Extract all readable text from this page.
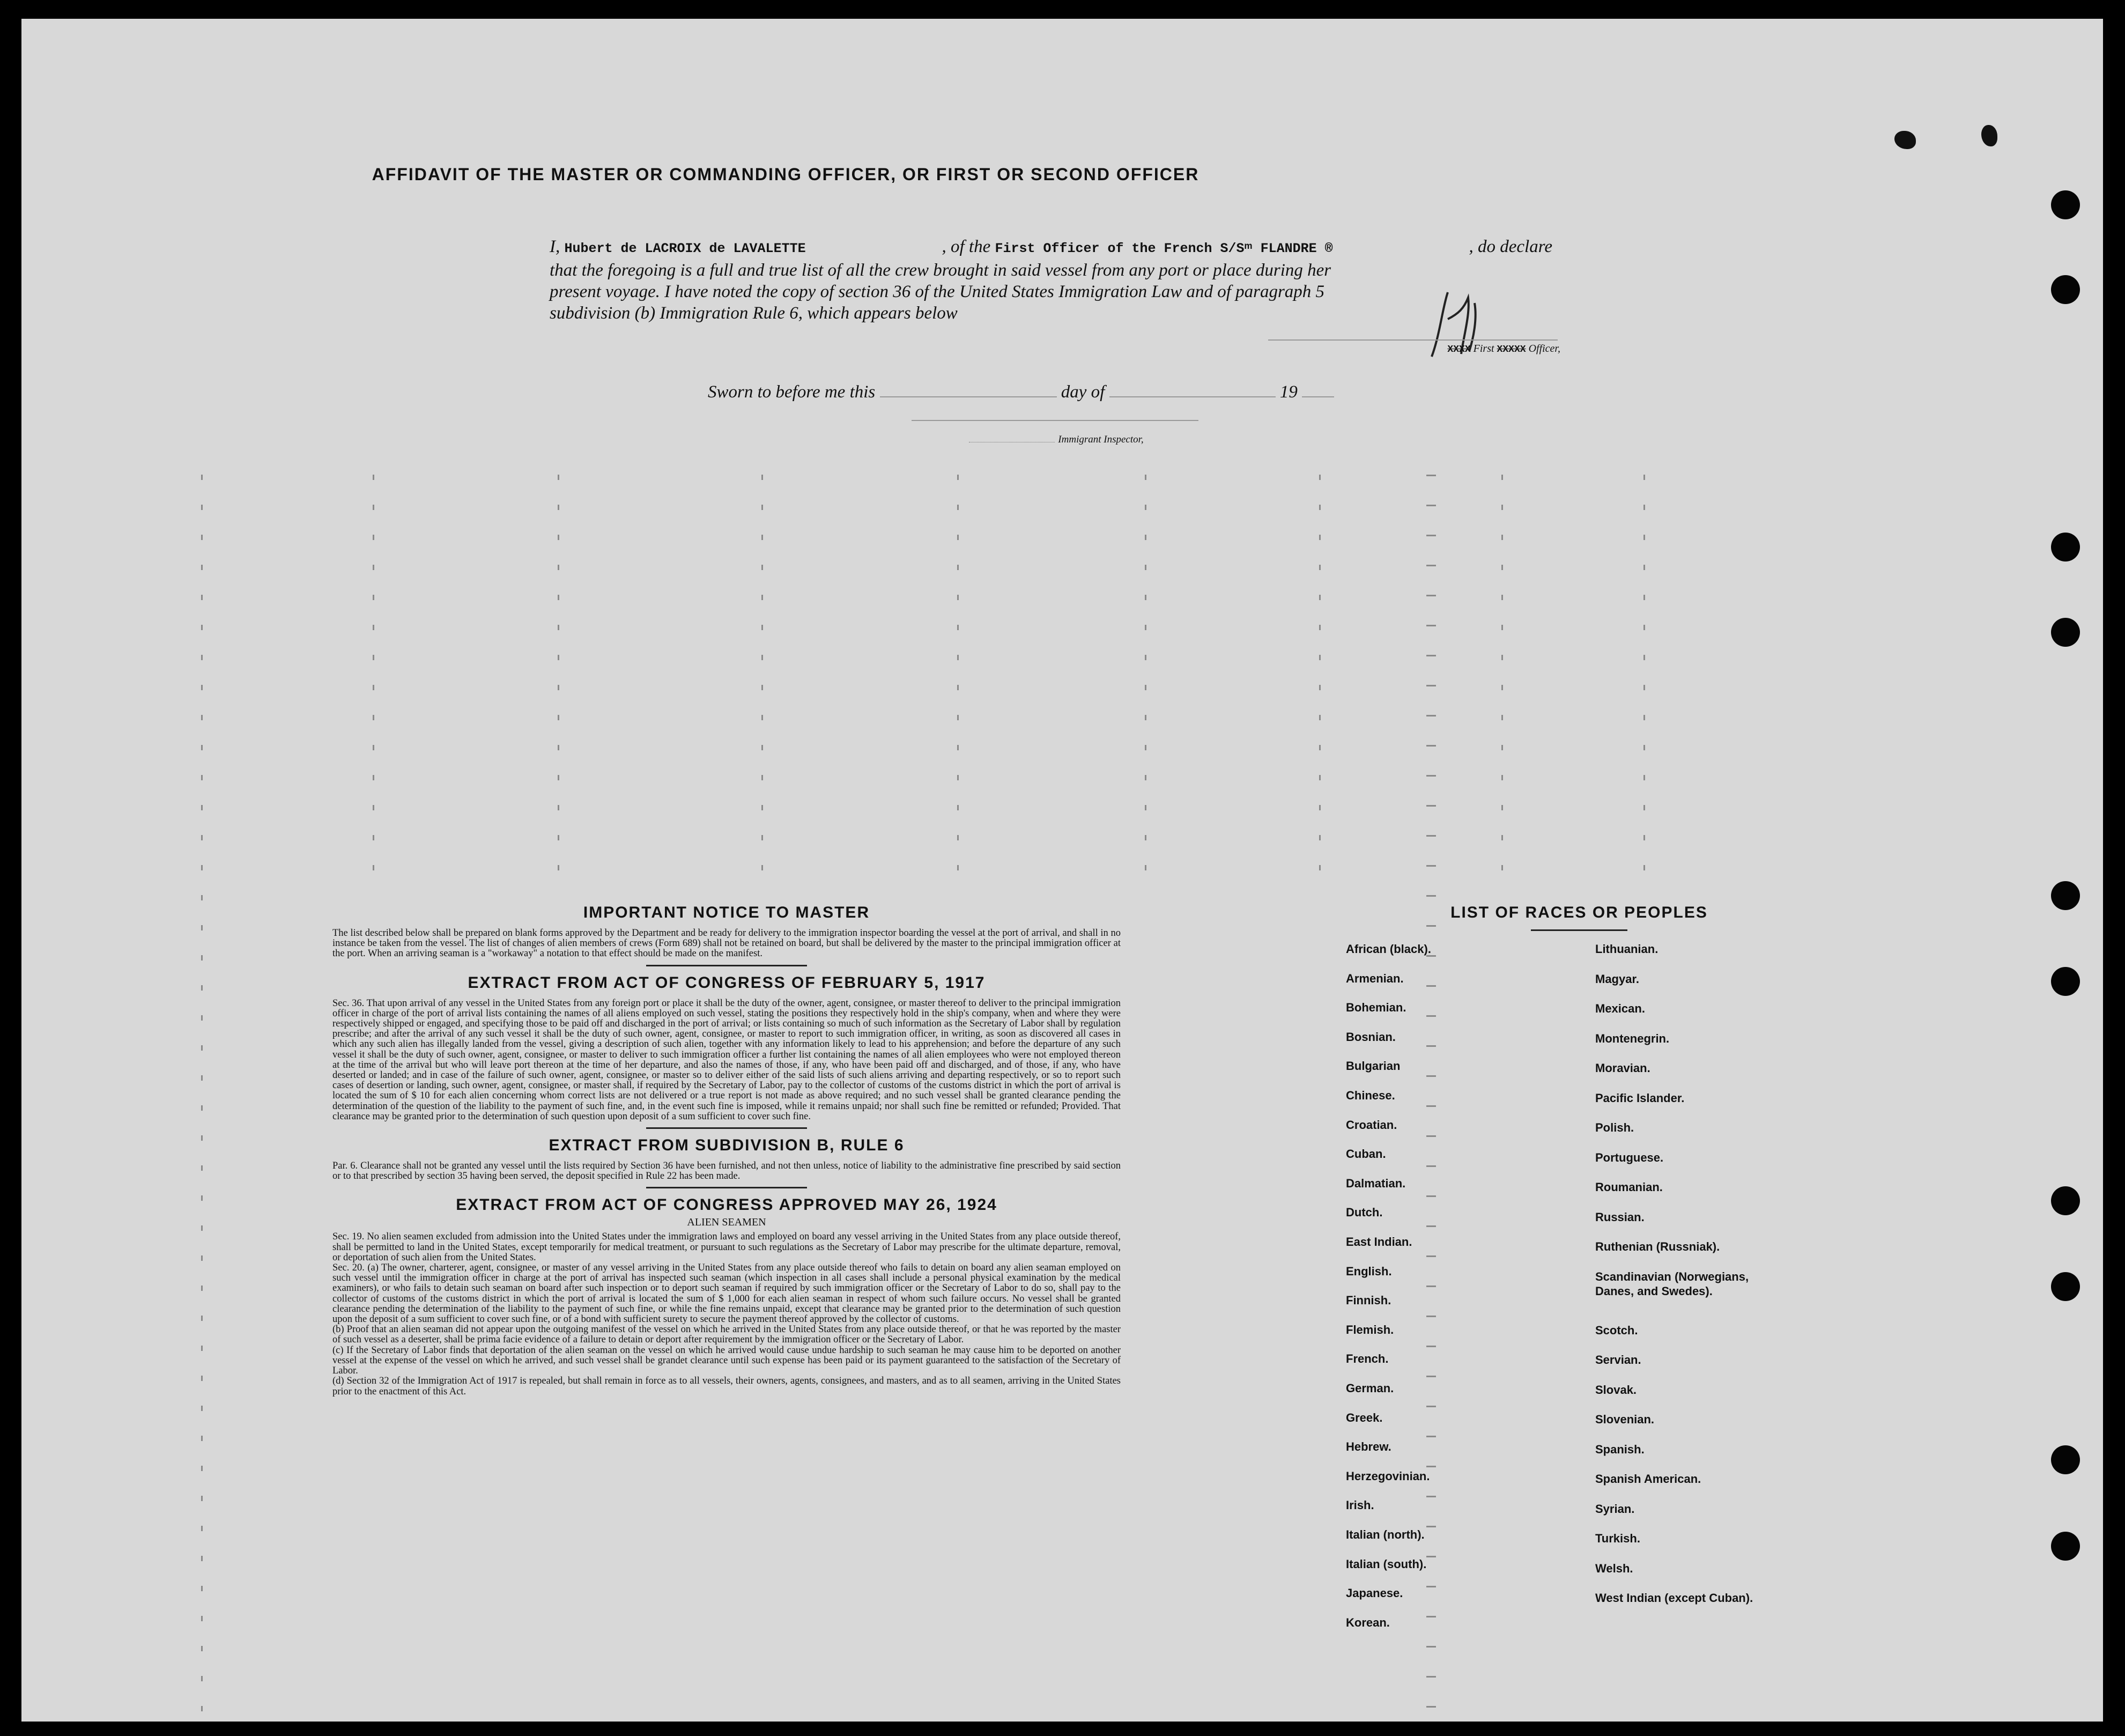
AFFIDAVIT OF THE MASTER OR COMMANDING OFFICER, OR FIRST OR SECOND OFFICER
I, Hubert de LACROIX de LAVALETTE	, of the First Officer of the French S/Sᵐ FLANDRE ®	, do declare
that the foregoing is a full and true list of all the crew brought in said vessel from any port or place during her
present voyage. I have noted the copy of section 36 of the United States Immigration Law and of paragraph 5
subdivision (b) Immigration Rule 6, which appears below
XXXX First XXXXX Officer,
Sworn to before me this	day of	19
Immigrant Inspector,
IMPORTANT NOTICE TO MASTER

The list described below shall be prepared on blank forms approved by the Department and be ready for delivery to the immigration inspector boarding the vessel at the port of arrival, and shall in no instance be taken from the vessel. The list of changes of alien members of crews (Form 689) shall not be retained on board, but shall be delivered by the master to the principal immigration officer at the port. When an arriving seaman is a "workaway" a notation to that effect should be made on the manifest.

EXTRACT FROM ACT OF CONGRESS OF FEBRUARY 5, 1917

Sec. 36. That upon arrival of any vessel in the United States from any foreign port or place it shall be the duty of the owner, agent, consignee, or master thereof to deliver to the principal immigration officer in charge of the port of arrival lists containing the names of all aliens employed on such vessel, stating the positions they respectively hold in the ship's company, when and where they were respectively shipped or engaged, and specifying those to be paid off and discharged in the port of arrival; or lists containing so much of such information as the Secretary of Labor shall by regulation prescribe; and after the arrival of any such vessel it shall be the duty of such owner, agent, consignee, or master to report to such immigration officer, in writing, as soon as discovered all cases in which any such alien has illegally landed from the vessel, giving a description of such alien, together with any information likely to lead to his apprehension; and before the departure of any such vessel it shall be the duty of such owner, agent, consignee, or master to deliver to such immigration officer a further list containing the names of all alien employees who were not employed thereon at the time of the arrival but who will leave port thereon at the time of her departure, and also the names of those, if any, who have been paid off and discharged, and of those, if any, who have deserted or landed; and in case of the failure of such owner, agent, consignee, or master so to deliver either of the said lists of such aliens arriving and departing respectively, or so to report such cases of desertion or landing, such owner, agent, consignee, or master shall, if required by the Secretary of Labor, pay to the collector of customs of the customs district in which the port of arrival is located the sum of $ 10 for each alien concerning whom correct lists are not delivered or a true report is not made as above required; and no such vessel shall be granted clearance pending the determination of the question of the liability to the payment of such fine, and, in the event such fine is imposed, while it remains unpaid; nor shall such fine be remitted or refunded; Provided. That clearance may be granted prior to the determination of such question upon deposit of a sum sufficient to cover such fine.

EXTRACT FROM SUBDIVISION B, RULE 6

Par. 6. Clearance shall not be granted any vessel until the lists required by Section 36 have been furnished, and not then unless, notice of liability to the administrative fine prescribed by said section or to that prescribed by section 35 having been served, the deposit specified in Rule 22 has been made.

EXTRACT FROM ACT OF CONGRESS APPROVED MAY 26, 1924
ALIEN SEAMEN

Sec. 19. No alien seamen excluded from admission into the United States under the immigration laws and employed on board any vessel arriving in the United States from any place outside thereof, shall be permitted to land in the United States, except temporarily for medical treatment, or pursuant to such regulations as the Secretary of Labor may prescribe for the ultimate departure, removal, or deportation of such alien from the United States.

Sec. 20. (a) The owner, charterer, agent, consignee, or master of any vessel arriving in the United States from any place outside thereof who fails to detain on board any alien seaman employed on such vessel until the immigration officer in charge at the port of arrival has inspected such seaman (which inspection in all cases shall include a personal physical examination by the medical examiners), or who fails to detain such seaman on board after such inspection or to deport such seaman if required by such immigration officer or the Secretary of Labor to do so, shall pay to the collector of customs of the customs district in which the port of arrival is located the sum of $ 1,000 for each alien seaman in respect of whom such failure occurs. No vessel shall be granted clearance pending the determination of the liability to the payment of such fine, or while the fine remains unpaid, except that clearance may be granted prior to the determination of such question upon the deposit of a sum sufficient to cover such fine, or of a bond with sufficient surety to secure the payment thereof approved by the collector of customs.

(b) Proof that an alien seaman did not appear upon the outgoing manifest of the vessel on which he arrived in the United States from any place outside thereof, or that he was reported by the master of such vessel as a deserter, shall be prima facie evidence of a failure to detain or deport after requirement by the immigration officer or the Secretary of Labor.

(c) If the Secretary of Labor finds that deportation of the alien seaman on the vessel on which he arrived would cause undue hardship to such seaman he may cause him to be deported on another vessel at the expense of the vessel on which he arrived, and such vessel shall be grandet clearance until such expense has been paid or its payment guaranteed to the satisfaction of the Secretary of Labor.

(d) Section 32 of the Immigration Act of 1917 is repealed, but shall remain in force as to all vessels, their owners, agents, consignees, and masters, and as to all seamen, arriving in the United States prior to the enactment of this Act.

LIST OF RACES OR PEOPLES
African (black).
Armenian.
Bohemian.
Bosnian.
Bulgarian
Chinese.
Croatian.
Cuban.
Dalmatian.
Dutch.
East Indian.
English.
Finnish.
Flemish.
French.
German.
Greek.
Hebrew.
Herzegovinian.
Irish.
Italian (north).
Italian (south).
Japanese.
Korean.
Lithuanian.
Magyar.
Mexican.
Montenegrin.
Moravian.
Pacific Islander.
Polish.
Portuguese.
Roumanian.
Russian.
Ruthenian (Russniak).
Scandinavian (Norwegians, Danes, and Swedes).
Scotch.
Servian.
Slovak.
Slovenian.
Spanish.
Spanish American.
Syrian.
Turkish.
Welsh.
West Indian (except Cuban).
